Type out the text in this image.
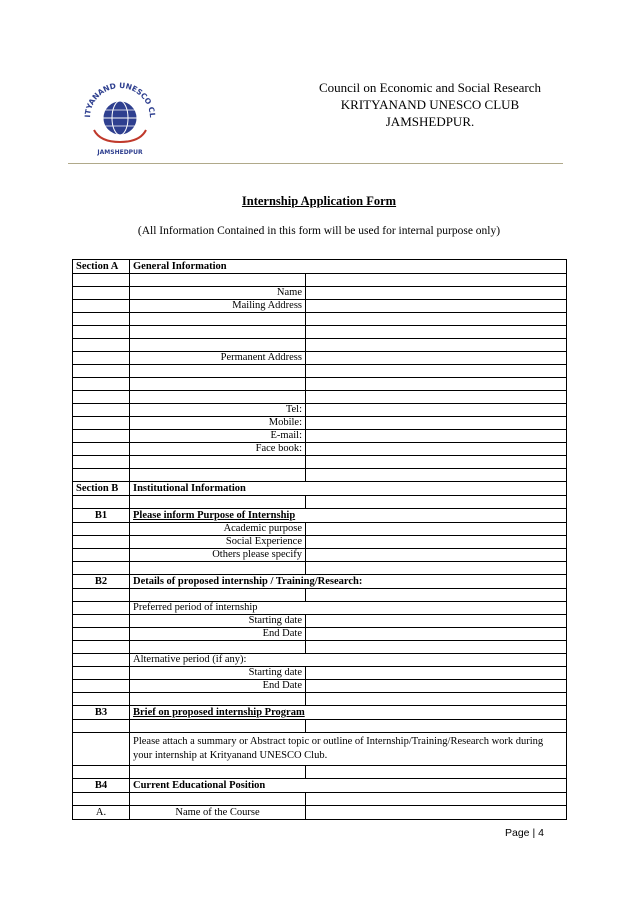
ITYANAND UNESCO CL
JAMSHEDPUR
Council on Economic and Social Research
KRITYANAND UNESCO CLUB
JAMSHEDPUR.
Internship Application Form
(All Information Contained in this form will be used for internal purpose only)
Section A	General Information	

	Name	
	Mailing Address	

	Permanent Address	

	Tel:	
	Mobile:	
	E-mail:	
	Face book:	

Section B	Institutional Information	

B1	Please inform Purpose of Internship	
	Academic purpose	
	Social Experience	
	Others please specify	

B2	Details of proposed internship / Training/Research:	

	Preferred period of internship	
	Starting date	
	End Date	

	Alternative period (if any):	
	Starting date	
	End Date	

B3	Brief on proposed internship Program	

	Please attach a summary or Abstract topic or outline of Internship/Training/Research work during your internship at Krityanand UNESCO Club.	

B4	Current Educational Position	

A.	Name of the Course	
Page | 4
